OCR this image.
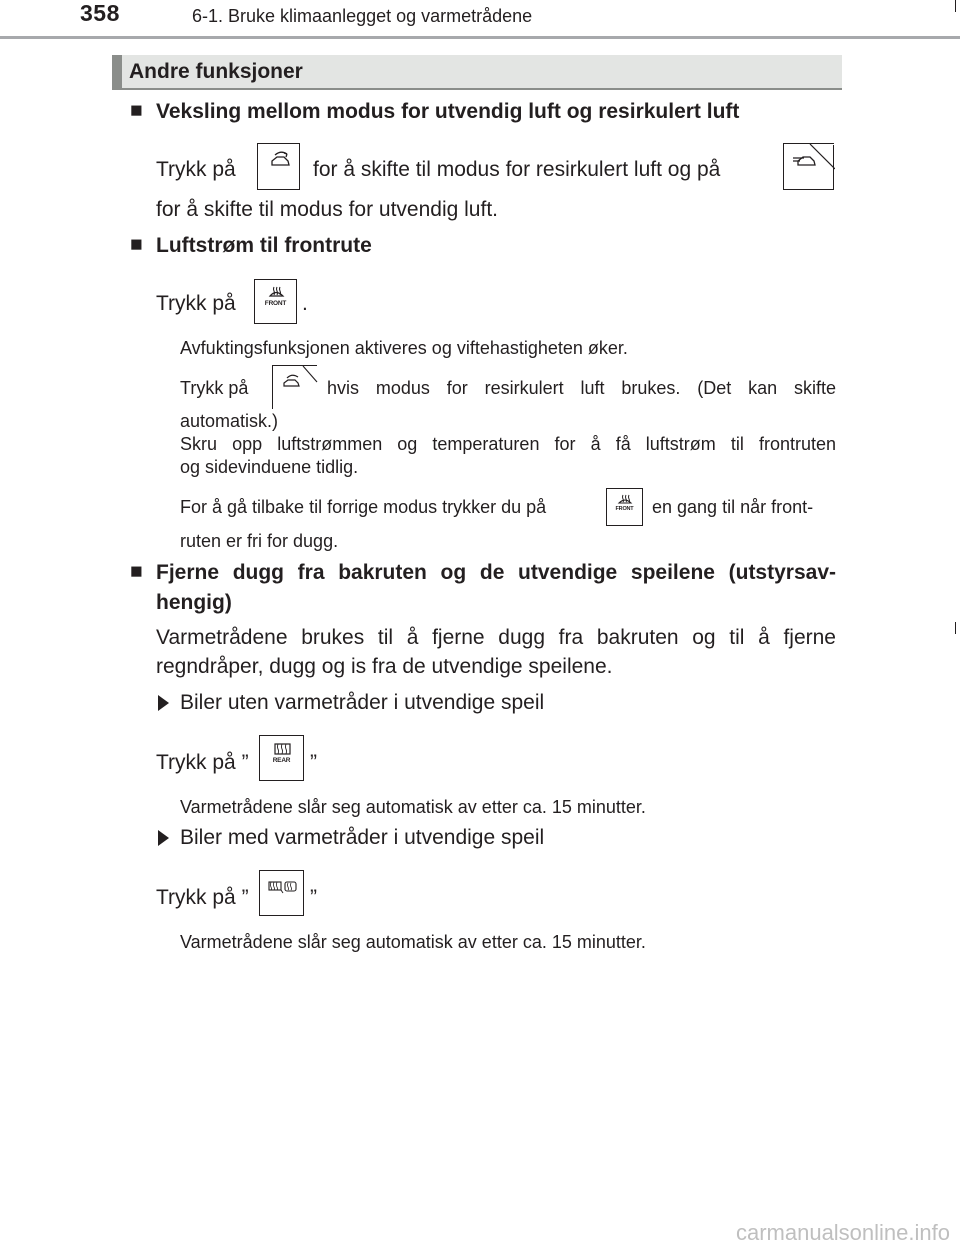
358	6-1. Bruke klimaanlegget og varmetrådene
Andre funksjoner
■ Veksling mellom modus for utvendig luft og resirkulert luft
Trykk på	for å skifte til modus for resirkulert luft og på
for å skifte til modus for utvendig luft.
■ Luftstrøm til frontrute
Trykk på	FRONT .
Avfuktingsfunksjonen aktiveres og viftehastigheten øker.
Trykk på	hvis modus for resirkulert luft brukes. (Det kan skifte
automatisk.)
Skru opp luftstrømmen og temperaturen for å få luftstrøm til frontruten
og sidevinduene tidlig.
For å gå tilbake til forrige modus trykker du på	FRONT	en gang til når front-
ruten er fri for dugg.
■ Fjerne dugg fra bakruten og de utvendige speilene (utstyrsav-
hengig)
Varmetrådene brukes til å fjerne dugg fra bakruten og til å fjerne
regndråper, dugg og is fra de utvendige speilene.
Biler uten varmetråder i utvendige speil
Trykk på ”	REAR ”
Varmetrådene slår seg automatisk av etter ca. 15 minutter.
Biler med varmetråder i utvendige speil
Trykk på ”	”
Varmetrådene slår seg automatisk av etter ca. 15 minutter.
carmanualsonline.info
